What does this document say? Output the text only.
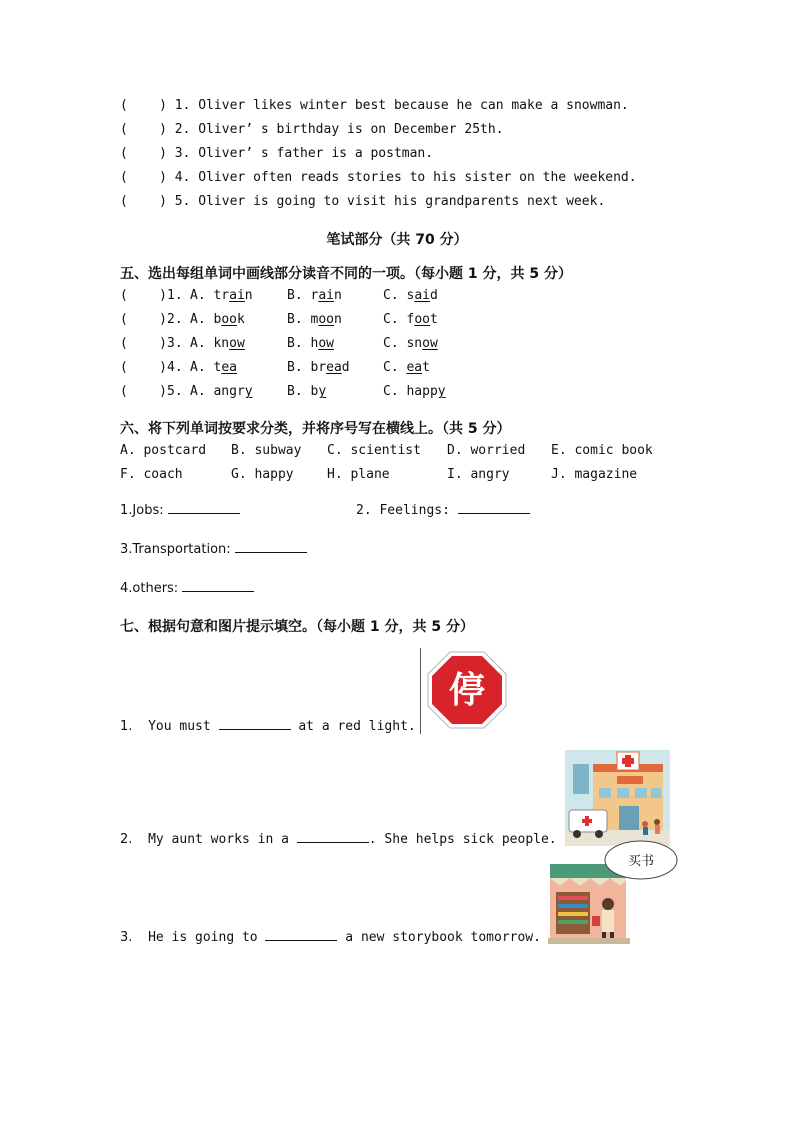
(    ) 1. Oliver likes winter best because he can make a snowman.
(    ) 2. Oliver’ s birthday is on December 25th.
(    ) 3. Oliver’ s father is a postman.
(    ) 4. Oliver often reads stories to his sister on the weekend.
(    ) 5. Oliver is going to visit his grandparents next week.
笔试部分（共 70 分）
五、选出每组单词中画线部分读音不同的一项。（每小题 1 分，共 5 分）
(    ) 1. A. train	B. rain	C. said
(    ) 2. A. book	B. moon	C. foot
(    ) 3. A. know	B. how	C. snow
(    ) 4. A. tea	B. bread	C. eat
(    ) 5. A. angry	B. by	C. happy
六、将下列单词按要求分类，并将序号写在横线上。（共 5 分）
A. postcard B. subway C. scientist D. worried E. comic book
F. coach	G. happy	H. plane	I. angry	J. magazine
1.Jobs:	2. Feelings:
3.Transportation:
4.others:
七、根据句意和图片提示填空。（每小题 1 分，共 5 分）
1. You must	at a red light.
停
2. My aunt works in a	. She helps sick people.
3. He is going to	a new storybook tomorrow.
买书
